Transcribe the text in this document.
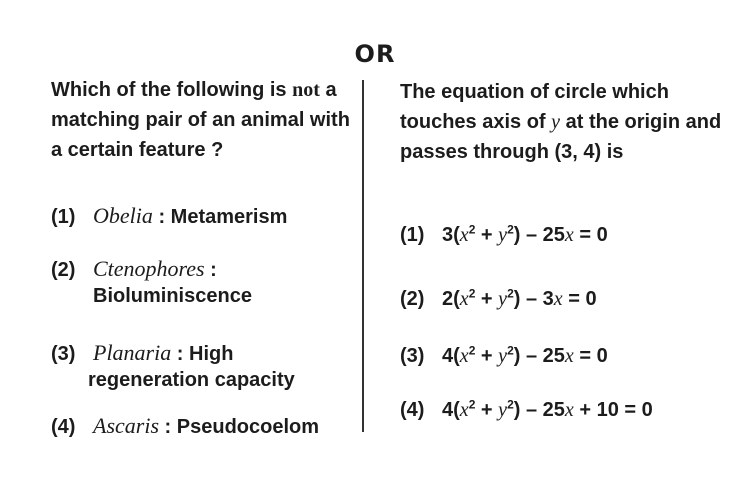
OR
Which of the following is not a matching pair of an animal with a certain feature ?
(1) Obelia : Metamerism
(2) Ctenophores :
Bioluminiscence
(3) Planaria : High
regeneration capacity
(4) Ascaris : Pseudocoelom
The equation of circle which touches axis of y at the origin and passes through (3, 4) is
(1) $3(x^2 + y^2) - 25x = 0$
(2) $2(x^2 + y^2) - 3x = 0$
(3) $4(x^2 + y^2) - 25x = 0$
(4) $4(x^2 + y^2) - 25x + 10 = 0$
